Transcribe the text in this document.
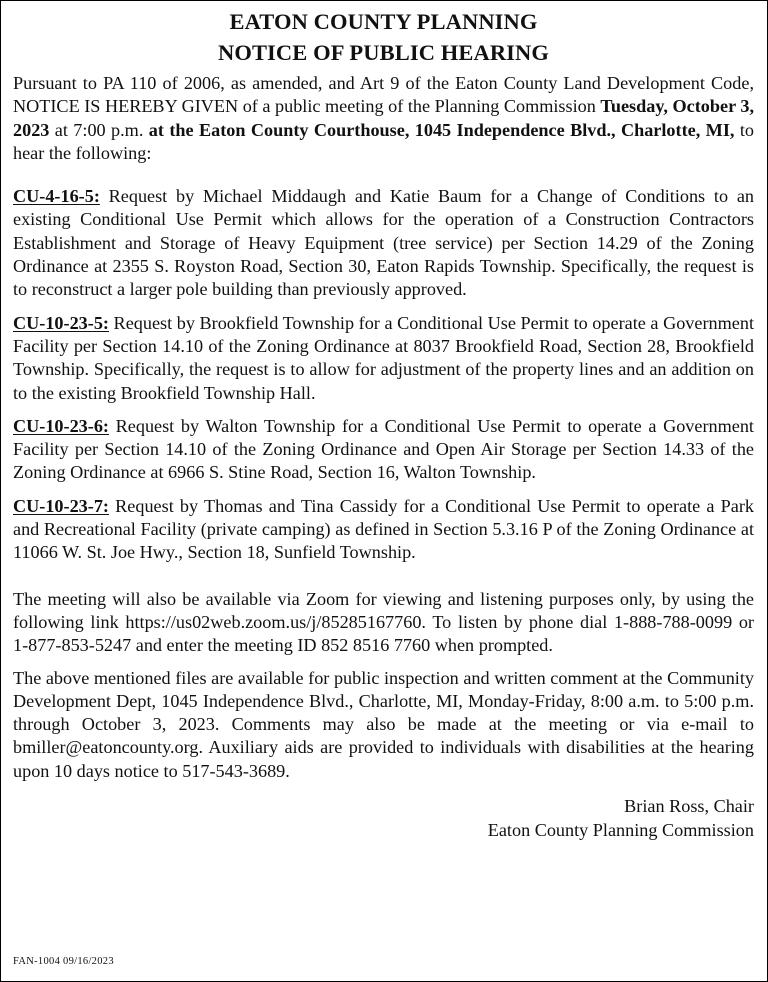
EATON COUNTY PLANNING
NOTICE OF PUBLIC HEARING

Pursuant to PA 110 of 2006, as amended, and Art 9 of the Eaton County Land Development Code, NOTICE IS HEREBY GIVEN of a public meeting of the Planning Commission Tuesday, October 3, 2023 at 7:00 p.m. at the Eaton County Courthouse, 1045 Independence Blvd., Charlotte, MI, to hear the following:

CU-4-16-5: Request by Michael Middaugh and Katie Baum for a Change of Conditions to an existing Conditional Use Permit which allows for the operation of a Construction Contractors Establishment and Storage of Heavy Equipment (tree service) per Section 14.29 of the Zoning Ordinance at 2355 S. Royston Road, Section 30, Eaton Rapids Township. Specifically, the request is to reconstruct a larger pole building than previously approved.

CU-10-23-5: Request by Brookfield Township for a Conditional Use Permit to operate a Government Facility per Section 14.10 of the Zoning Ordinance at 8037 Brookfield Road, Section 28, Brookfield Township. Specifically, the request is to allow for adjustment of the property lines and an addition on to the existing Brookfield Township Hall.

CU-10-23-6: Request by Walton Township for a Conditional Use Permit to operate a Government Facility per Section 14.10 of the Zoning Ordinance and Open Air Storage per Section 14.33 of the Zoning Ordinance at 6966 S. Stine Road, Section 16, Walton Township.

CU-10-23-7: Request by Thomas and Tina Cassidy for a Conditional Use Permit to operate a Park and Recreational Facility (private camping) as defined in Section 5.3.16 P of the Zoning Ordinance at 11066 W. St. Joe Hwy., Section 18, Sunfield Township.

The meeting will also be available via Zoom for viewing and listening purposes only, by using the following link https://us02web.zoom.us/j/85285167760. To listen by phone dial 1-888-788-0099 or 1-877-853-5247 and enter the meeting ID 852 8516 7760 when prompted.

The above mentioned files are available for public inspection and written comment at the Community Development Dept, 1045 Independence Blvd., Charlotte, MI, Monday-Friday, 8:00 a.m. to 5:00 p.m. through October 3, 2023. Comments may also be made at the meeting or via e-mail to bmiller@eatoncounty.org. Auxiliary aids are provided to individuals with disabilities at the hearing upon 10 days notice to 517-543-3689.

Brian Ross, Chair
Eaton County Planning Commission
FAN-1004 09/16/2023
